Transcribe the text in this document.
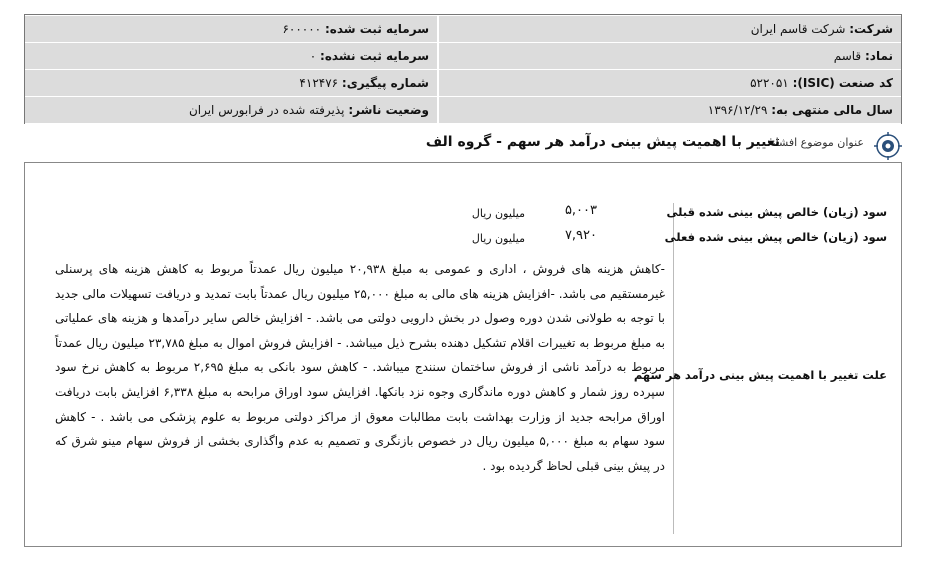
شرکت: شرکت قاسم ایران
سرمایه ثبت شده: ۶۰۰۰۰۰
نماد: قاسم
سرمایه ثبت نشده: ۰
کد صنعت (ISIC): ۵۲۲۰۵۱
شماره پیگیری: ۴۱۲۴۷۶
سال مالی منتهی به: ۱۳۹۶/۱۲/۲۹
وضعیت ناشر: پذیرفته شده در فرابورس ایران
عنوان موضوع افشاء:
تغییر با اهمیت پیش بینی درآمد هر سهم - گروه الف
سود (زیان) خالص پیش بینی شده قبلی
۵,۰۰۳
میلیون ریال
سود (زیان) خالص پیش بینی شده فعلی
۷,۹۲۰
میلیون ریال
علت تغییر با اهمیت پیش بینی درآمد هر سهم
-کاهش هزینه های فروش ، اداری و عمومی به مبلغ ۲۰,۹۳۸ میلیون ریال عمدتاً مربوط به کاهش هزینه های پرسنلی غیرمستقیم می باشد. -افزایش هزینه های مالی به مبلغ ۲۵,۰۰۰ میلیون ریال عمدتاً بابت تمدید و دریافت تسهیلات مالی جدید با توجه به طولانی شدن دوره وصول در بخش دارویی دولتی می باشد. - افزایش خالص سایر درآمدها و هزینه های عملیاتی به مبلغ مربوط به تغییرات اقلام تشکیل دهنده بشرح ذیل میباشد. - افزایش فروش اموال به مبلغ ۲۳,۷۸۵ میلیون ریال عمدتاً مربوط به درآمد ناشی از فروش ساختمان سنندج میباشد. - کاهش سود بانکی به مبلغ ۲,۶۹۵ مربوط به کاهش نرخ سود سپرده روز شمار و کاهش دوره ماندگاری وجوه نزد بانکها. افزایش سود اوراق مرابحه به مبلغ ۶,۳۳۸ افزایش بابت دریافت اوراق مرابحه جدید از وزارت بهداشت بابت مطالبات معوق از مراکز دولتی مربوط به علوم پزشکی می باشد . - کاهش سود سهام به مبلغ ۵,۰۰۰ میلیون ریال در خصوص بازنگری و تصمیم به عدم واگذاری بخشی از فروش سهام مینو شرق که در پیش بینی قبلی لحاظ گردیده بود .
